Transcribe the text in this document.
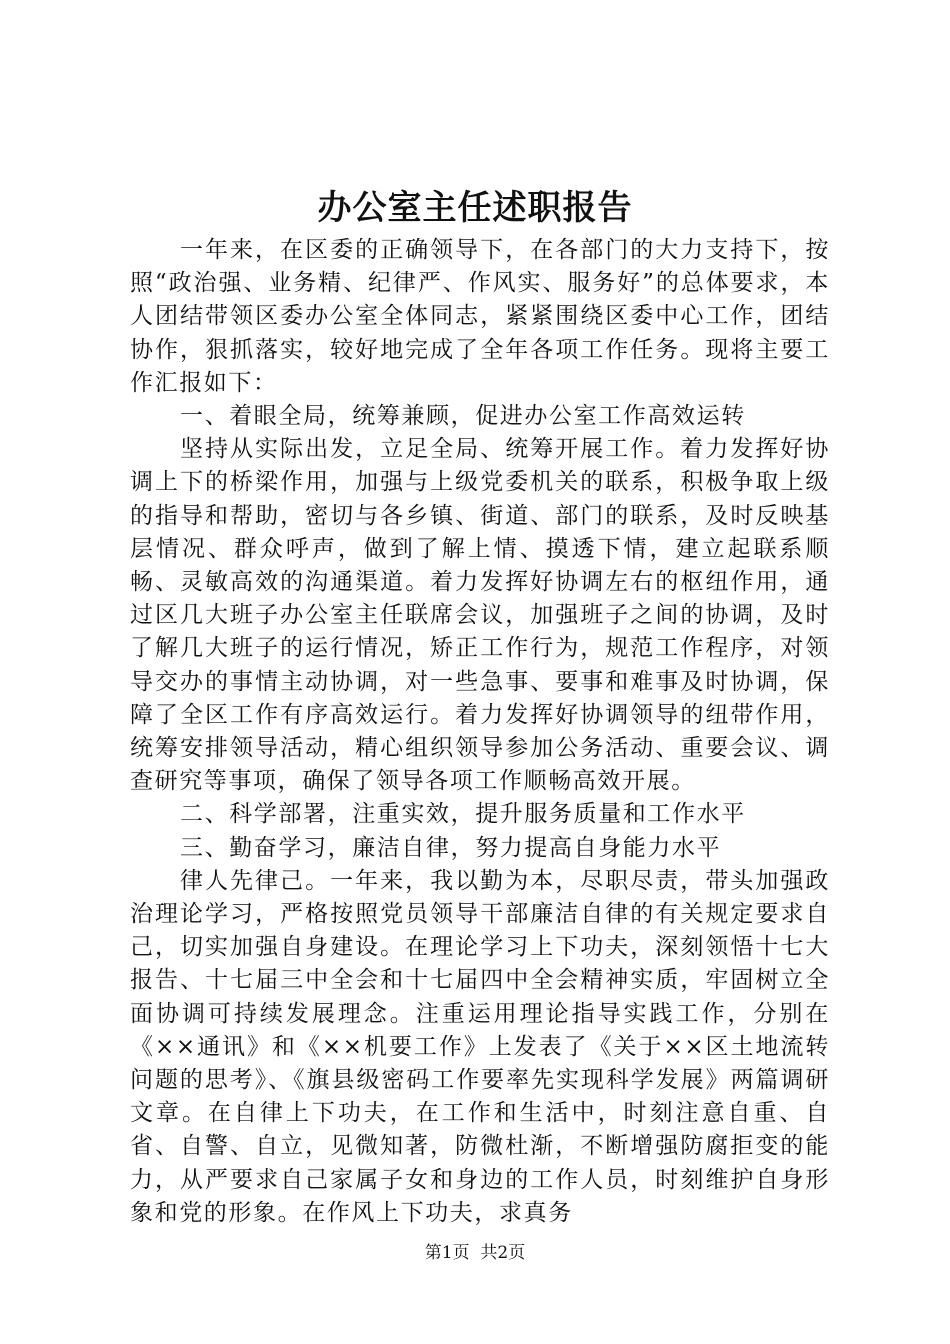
办公室主任述职报告

一年来，在区委的正确领导下，在各部门的大力支持下，按照“政治强、业务精、纪律严、作风实、服务好”的总体要求，本人团结带领区委办公室全体同志，紧紧围绕区委中心工作，团结协作，狠抓落实，较好地完成了全年各项工作任务。现将主要工作汇报如下：

一、着眼全局，统筹兼顾，促进办公室工作高效运转

坚持从实际出发，立足全局、统筹开展工作。着力发挥好协调上下的桥梁作用，加强与上级党委机关的联系，积极争取上级的指导和帮助，密切与各乡镇、街道、部门的联系，及时反映基层情况、群众呼声，做到了解上情、摸透下情，建立起联系顺畅、灵敏高效的沟通渠道。着力发挥好协调左右的枢纽作用，通过区几大班子办公室主任联席会议，加强班子之间的协调，及时了解几大班子的运行情况，矫正工作行为，规范工作程序，对领导交办的事情主动协调，对一些急事、要事和难事及时协调，保障了全区工作有序高效运行。着力发挥好协调领导的纽带作用，统筹安排领导活动，精心组织领导参加公务活动、重要会议、调查研究等事项，确保了领导各项工作顺畅高效开展。

二、科学部署，注重实效，提升服务质量和工作水平

三、勤奋学习，廉洁自律，努力提高自身能力水平

律人先律己。一年来，我以勤为本，尽职尽责，带头加强政治理论学习，严格按照党员领导干部廉洁自律的有关规定要求自己，切实加强自身建设。在理论学习上下功夫，深刻领悟十七大报告、十七届三中全会和十七届四中全会精神实质，牢固树立全面协调可持续发展理念。注重运用理论指导实践工作，分别在《××通讯》和《××机要工作》上发表了《关于××区土地流转问题的思考》、《旗县级密码工作要率先实现科学发展》两篇调研文章。在自律上下功夫，在工作和生活中，时刻注意自重、自省、自警、自立，见微知著，防微杜渐，不断增强防腐拒变的能力，从严要求自己家属子女和身边的工作人员，时刻维护自身形象和党的形象。在作风上下功夫，求真务

第1页 共2页
